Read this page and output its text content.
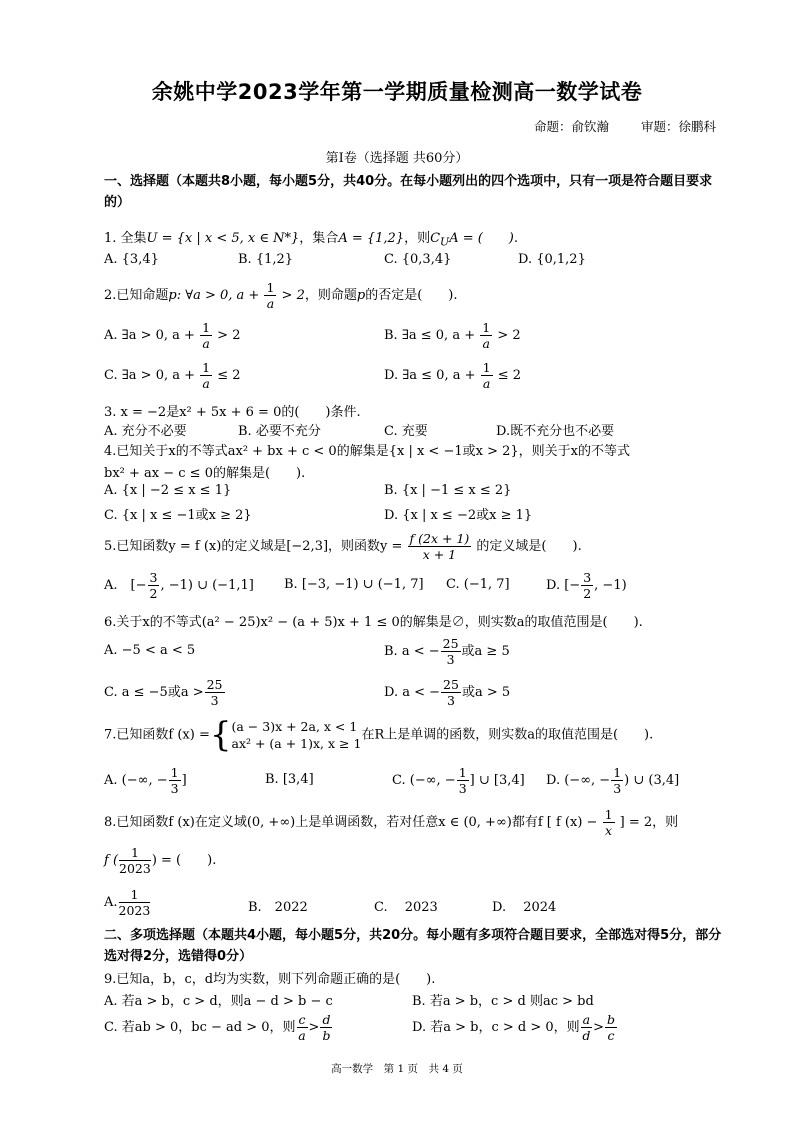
余姚中学2023学年第一学期质量检测高一数学试卷
命题：俞钦瀚	审题：徐鹏科
第Ⅰ卷（选择题 共60分）
一、选择题（本题共8小题，每小题5分，共40分。在每小题列出的四个选项中，只有一项是符合题目要求的）
1. 全集U = {x | x < 5, x ∈ N*}，集合A = {1,2}，则$C_UA$ = (　　).
A. {3,4}	B. {1,2}	C. {0,3,4}	D. {0,1,2}
2.已知命题p: ∀a > 0, $a + \frac{1}{a} > 2$，则命题p的否定是(　　).
A. ∃a > 0, $a + \frac{1}{a} > 2$	B. ∃a ≤ 0, $a + \frac{1}{a} > 2$
C. ∃a > 0, $a + \frac{1}{a} \le 2$	D. ∃a ≤ 0, $a + \frac{1}{a} \le 2$
3. x = −2是x² + 5x + 6 = 0的(　　)条件.
A. 充分不必要	B. 必要不充分	C. 充要	D.既不充分也不必要
4.已知关于x的不等式ax² + bx + c < 0的解集是{x | x < −1或x > 2}，则关于x的不等式
bx² + ax − c ≤ 0的解集是(　　).
A. {x | −2 ≤ x ≤ 1}	B. {x | −1 ≤ x ≤ 2}
C. {x | x ≤ −1或x ≥ 2}	D. {x | x ≤ −2或x ≥ 1}
5.已知函数y = f (x)的定义域是[−2,3]，则函数$y = \frac{f (2x + 1)}{x + 1}$ 的定义域是(　　).
A.　[− $\frac{3}{2}$ , −1) ∪ (−1,1] B. [−3, −1) ∪ (−1, 7] C. (−1, 7]	D. [− $\frac{3}{2}$ , −1)
6.关于x的不等式(a² − 25)x² − (a + 5)x + 1 ≤ 0的解集是∅，则实数a的取值范围是(　　).
A. −5 < a < 5	B. a < − $\frac{25}{3}$ 或a ≥ 5
C. a ≤ −5或$a > \frac{25}{3}$	D. a < − $\frac{25}{3}$ 或a > 5
7.已知函数f (x) ={ (a − 3)x + 2a, x < 1
ax² + (a + 1)x, x ≥ 1
在R上是单调的函数，则实数a的取值范围是(　　).
A. (−∞, − $\frac{1}{3}$ ]	B. [3,4]	C. (−∞, − $\frac{1}{3}$ ] ∪ [3,4] D. (−∞, − $\frac{1}{3}$ ) ∪ (3,4]
8.已知函数f (x)在定义域(0, +∞)上是单调函数，若对任意x ∈ (0, +∞)都有f [ f $(x) - \frac{1}{x}$ ] = 2，则
f ( $\frac{1}{2023}$ ) = (　　).
A. $\frac{1}{2023}$	B.　2022	C.　 2023	D.　 2024
二、多项选择题（本题共4小题，每小题5分，共20分。每小题有多项符合题目要求，全部选对得5分，部分选对得2分，选错得0分）
9.已知a，b，c，d均为实数，则下列命题正确的是(　　).
A. 若a > b，c > d，则a − d > b − c	B. 若a > b，c > d 则ac > bd
C. 若ab > 0，bc − ad > 0，则 $\frac{c}{a} > \frac{d}{b}$	D. 若a > b，c > d > 0，则 $\frac{a}{d} > \frac{b}{c}$
高一数学　第 1 页　共 4 页
